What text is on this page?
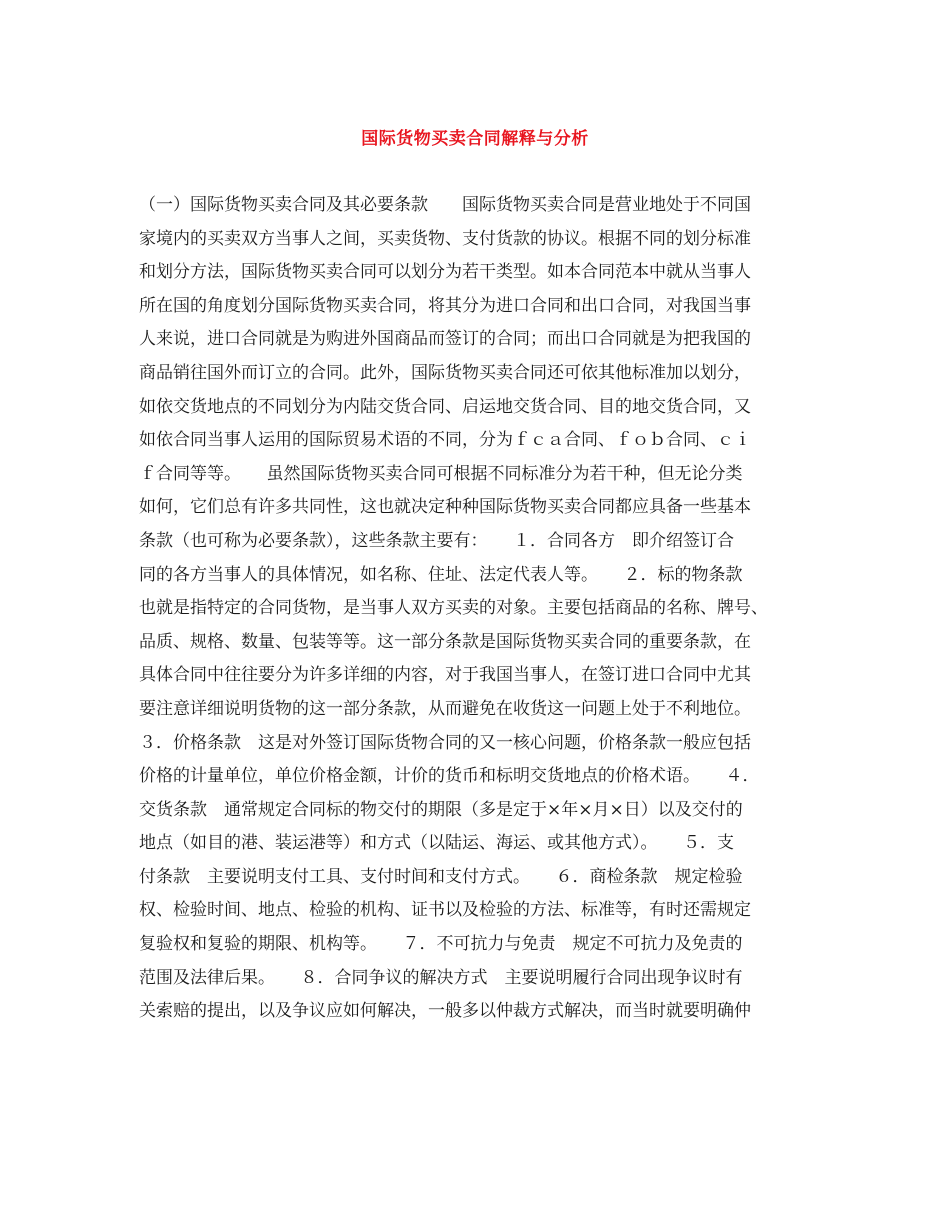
国际货物买卖合同解释与分析
（一）国际货物买卖合同及其必要条款　　国际货物买卖合同是营业地处于不同国
家境内的买卖双方当事人之间，买卖货物、支付货款的协议。根据不同的划分标准
和划分方法，国际货物买卖合同可以划分为若干类型。如本合同范本中就从当事人
所在国的角度划分国际货物买卖合同，将其分为进口合同和出口合同，对我国当事
人来说，进口合同就是为购进外国商品而签订的合同；而出口合同就是为把我国的
商品销往国外而订立的合同。此外，国际货物买卖合同还可依其他标准加以划分，
如依交货地点的不同划分为内陆交货合同、启运地交货合同、目的地交货合同，又
如依合同当事人运用的国际贸易术语的不同，分为ｆｃａ合同、ｆｏｂ合同、ｃｉ
ｆ合同等等。　　虽然国际货物买卖合同可根据不同标准分为若干种，但无论分类
如何，它们总有许多共同性，这也就决定种种国际货物买卖合同都应具备一些基本
条款（也可称为必要条款），这些条款主要有：　　１．合同各方　即介绍签订合
同的各方当事人的具体情况，如名称、住址、法定代表人等。　　２．标的物条款
也就是指特定的合同货物，是当事人双方买卖的对象。主要包括商品的名称、牌号、
品质、规格、数量、包装等等。这一部分条款是国际货物买卖合同的重要条款，在
具体合同中往往要分为许多详细的内容，对于我国当事人，在签订进口合同中尤其
要注意详细说明货物的这一部分条款，从而避免在收货这一问题上处于不利地位。
３．价格条款　这是对外签订国际货物合同的又一核心问题，价格条款一般应包括
价格的计量单位，单位价格金额，计价的货币和标明交货地点的价格术语。　　４．
交货条款　通常规定合同标的物交付的期限（多是定于×年×月×日）以及交付的
地点（如目的港、装运港等）和方式（以陆运、海运、或其他方式）。　　５．支
付条款　主要说明支付工具、支付时间和支付方式。　　６．商检条款　规定检验
权、检验时间、地点、检验的机构、证书以及检验的方法、标准等，有时还需规定
复验权和复验的期限、机构等。　　７．不可抗力与免责　规定不可抗力及免责的
范围及法律后果。　　８．合同争议的解决方式　主要说明履行合同出现争议时有
关索赔的提出，以及争议应如何解决，一般多以仲裁方式解决，而当时就要明确仲
